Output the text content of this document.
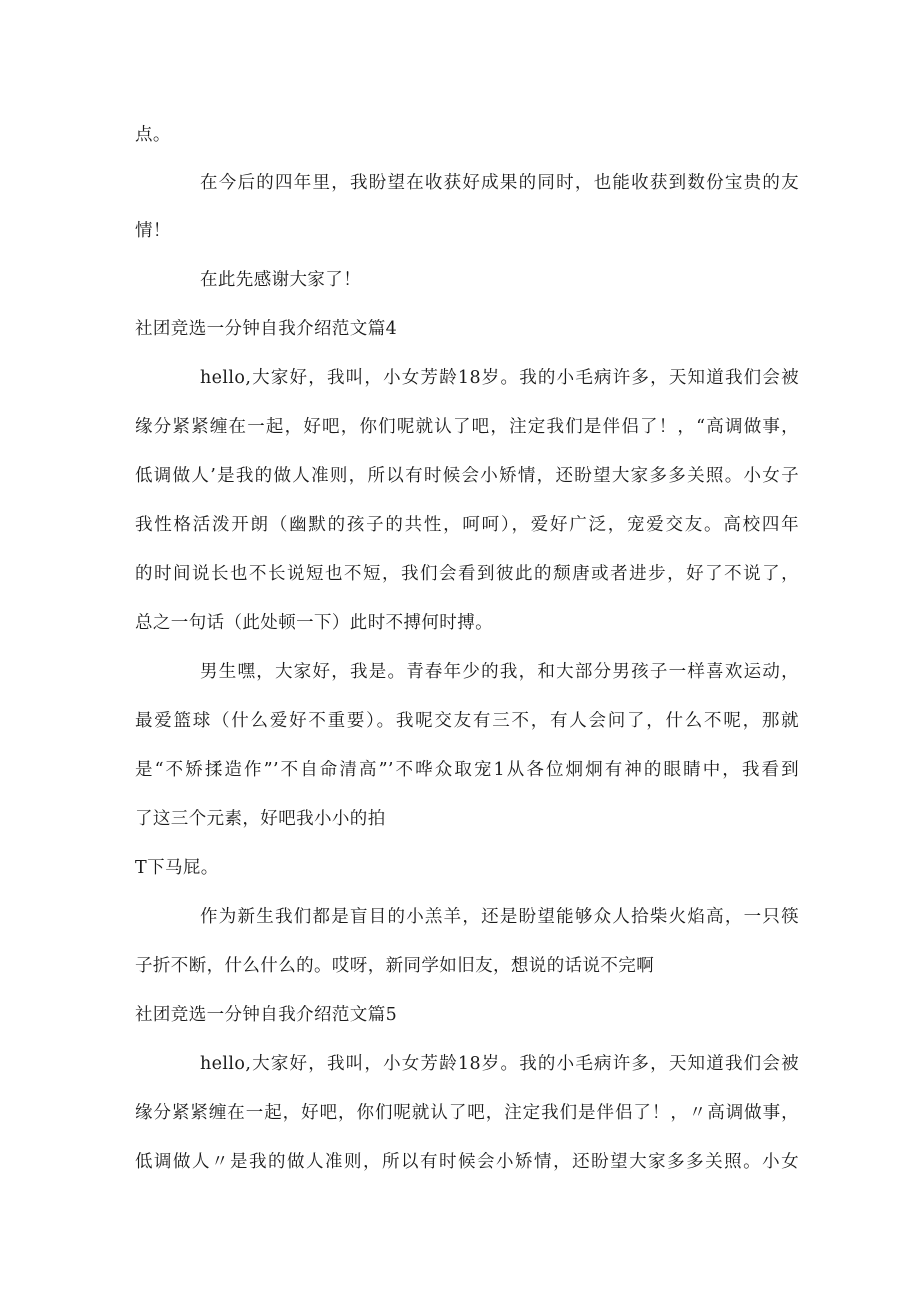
点。
在今后的四年里，我盼望在收获好成果的同时，也能收获到数份宝贵的友
情！
在此先感谢大家了！
社团竞选一分钟自我介绍范文篇4
hello,大家好，我叫，小女芳龄18岁。我的小毛病许多，天知道我们会被
缘分紧紧缠在一起，好吧，你们呢就认了吧，注定我们是伴侣了！，“高调做事，
低调做人’是我的做人准则，所以有时候会小矫情，还盼望大家多多关照。小女子
我性格活泼开朗（幽默的孩子的共性，呵呵），爱好广泛，宠爱交友。高校四年
的时间说长也不长说短也不短，我们会看到彼此的颓唐或者进步，好了不说了，
总之一句话（此处顿一下）此时不搏何时搏。
男生嘿，大家好，我是。青春年少的我，和大部分男孩子一样喜欢运动，
最爱篮球（什么爱好不重要）。我呢交友有三不，有人会问了，什么不呢，那就
是“不矫揉造作”’不自命清高”’不哗众取宠1从各位炯炯有神的眼睛中，我看到
了这三个元素，好吧我小小的拍
T下马屁。
作为新生我们都是盲目的小羔羊，还是盼望能够众人拾柴火焰高，一只筷
子折不断，什么什么的。哎呀，新同学如旧友，想说的话说不完啊
社团竞选一分钟自我介绍范文篇5
hello,大家好，我叫，小女芳龄18岁。我的小毛病许多，天知道我们会被
缘分紧紧缠在一起，好吧，你们呢就认了吧，注定我们是伴侣了！，〃高调做事，
低调做人〃是我的做人准则，所以有时候会小矫情，还盼望大家多多关照。小女
